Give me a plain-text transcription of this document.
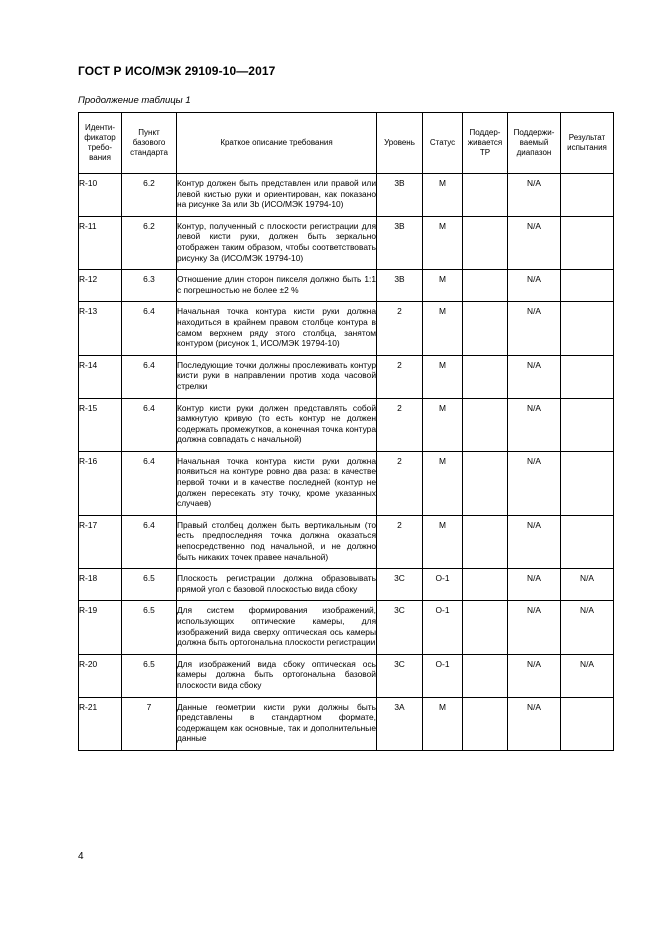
ГОСТ Р ИСО/МЭК 29109-10—2017
Продолжение таблицы 1
Иденти-фикатор требо-вания	Пункт базового стандарта	Краткое описание требования	Уровень	Статус	Поддер-живается ТР	Поддержи-ваемый диапазон	Результат испытания
R-10	6.2	Контур должен быть представлен или правой или левой кистью руки и ориентирован, как показано на рисунке 3а или 3b (ИСО/МЭК 19794-10)	3В	М		N/A	
R-11	6.2	Контур, полученный с плоскости регистрации для левой кисти руки, должен быть зеркально отображен таким образом, чтобы соответствовать рисунку 3а (ИСО/МЭК 19794-10)	3В	М		N/A	
R-12	6.3	Отношение длин сторон пикселя должно быть 1:1 с погрешностью не более ±2 %	3В	М		N/A	
R-13	6.4	Начальная точка контура кисти руки должна находиться в крайнем правом столбце контура в самом верхнем ряду этого столбца, занятом контуром (рисунок 1, ИСО/МЭК 19794-10)	2	М		N/A	
R-14	6.4	Последующие точки должны прослеживать контур кисти руки в направлении против хода часовой стрелки	2	М		N/A	
R-15	6.4	Контур кисти руки должен представлять собой замкнутую кривую (то есть контур не должен содержать промежутков, а конечная точка контура должна совпадать с начальной)	2	М		N/A	
R-16	6.4	Начальная точка контура кисти руки должна появиться на контуре ровно два раза: в качестве первой точки и в качестве последней (контур не должен пересекать эту точку, кроме указанных случаев)	2	М		N/A	
R-17	6.4	Правый столбец должен быть вертикальным (то есть предпоследняя точка должна оказаться непосредственно под начальной, и не должно быть никаких точек правее начальной)	2	М		N/A	
R-18	6.5	Плоскость регистрации должна образовывать прямой угол с базовой плоскостью вида сбоку	3С	О-1		N/A	N/A
R-19	6.5	Для систем формирования изображений, использующих оптические камеры, для изображений вида сверху оптическая ось камеры должна быть ортогональна плоскости регистрации	3С	О-1		N/A	N/A
R-20	6.5	Для изображений вида сбоку оптическая ось камеры должна быть ортогональна базовой плоскости вида сбоку	3С	О-1		N/A	N/A
R-21	7	Данные геометрии кисти руки должны быть представлены в стандартном формате, содержащем как основные, так и дополнительные данные	3А	М		N/A	
4
